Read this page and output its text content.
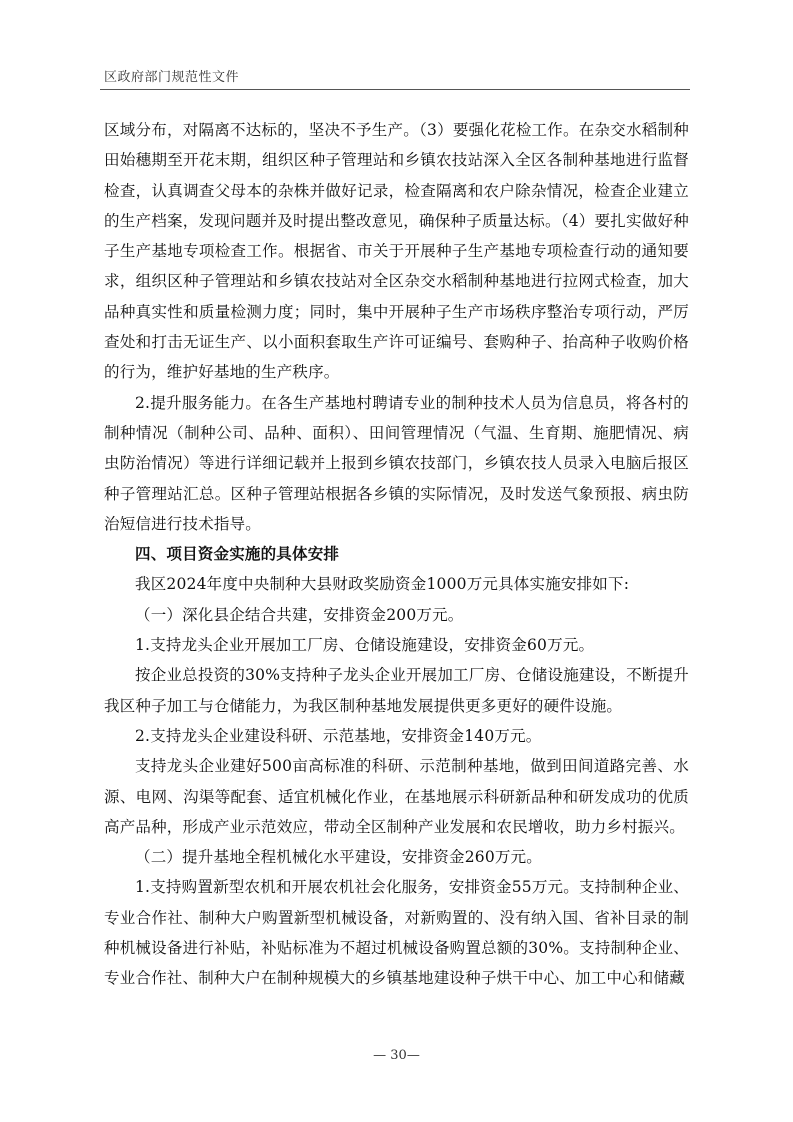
区政府部门规范性文件

区域分布，对隔离不达标的，坚决不予生产。（3）要强化花检工作。在杂交水稻制种田始穗期至开花末期，组织区种子管理站和乡镇农技站深入全区各制种基地进行监督检查，认真调查父母本的杂株并做好记录，检查隔离和农户除杂情况，检查企业建立的生产档案，发现问题并及时提出整改意见，确保种子质量达标。（4）要扎实做好种子生产基地专项检查工作。根据省、市关于开展种子生产基地专项检查行动的通知要求，组织区种子管理站和乡镇农技站对全区杂交水稻制种基地进行拉网式检查，加大品种真实性和质量检测力度；同时，集中开展种子生产市场秩序整治专项行动，严厉查处和打击无证生产、以小面积套取生产许可证编号、套购种子、抬高种子收购价格的行为，维护好基地的生产秩序。

2.提升服务能力。在各生产基地村聘请专业的制种技术人员为信息员，将各村的制种情况（制种公司、品种、面积）、田间管理情况（气温、生育期、施肥情况、病虫防治情况）等进行详细记载并上报到乡镇农技部门，乡镇农技人员录入电脑后报区种子管理站汇总。区种子管理站根据各乡镇的实际情况，及时发送气象预报、病虫防治短信进行技术指导。

四、项目资金实施的具体安排

我区2024年度中央制种大县财政奖励资金1000万元具体实施安排如下:

（一）深化县企结合共建，安排资金200万元。

1.支持龙头企业开展加工厂房、仓储设施建设，安排资金60万元。

按企业总投资的30%支持种子龙头企业开展加工厂房、仓储设施建设，不断提升我区种子加工与仓储能力，为我区制种基地发展提供更多更好的硬件设施。

2.支持龙头企业建设科研、示范基地，安排资金140万元。

支持龙头企业建好500亩高标准的科研、示范制种基地，做到田间道路完善、水源、电网、沟渠等配套、适宜机械化作业，在基地展示科研新品种和研发成功的优质高产品种，形成产业示范效应，带动全区制种产业发展和农民增收，助力乡村振兴。

（二）提升基地全程机械化水平建设，安排资金260万元。

1.支持购置新型农机和开展农机社会化服务，安排资金55万元。支持制种企业、专业合作社、制种大户购置新型机械设备，对新购置的、没有纳入国、省补目录的制种机械设备进行补贴，补贴标准为不超过机械设备购置总额的30%。支持制种企业、专业合作社、制种大户在制种规模大的乡镇基地建设种子烘干中心、加工中心和储藏

— 30—
